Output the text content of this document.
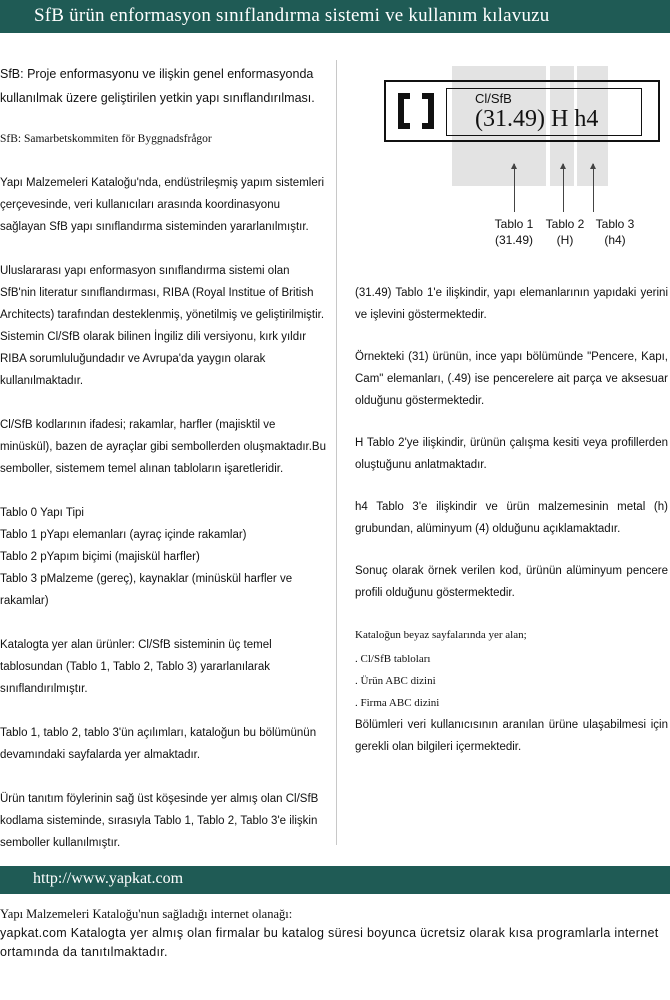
SfB ürün enformasyon sınıflandırma sistemi ve kullanım kılavuzu

SfB: Proje enformasyonu ve ilişkin genel enformasyonda kullanılmak üzere geliştirilen yetkin yapı sınıflandırılması.

SfB: Samarbetskommiten för Byggnadsfrågor

Yapı Malzemeleri Kataloğu'nda, endüstrileşmiş yapım sistemleri çerçevesinde, veri kullanıcıları arasında koordinasyonu sağlayan SfB yapı sınıflandırma sisteminden yararlanılmıştır.

Uluslararası yapı enformasyon sınıflandırma sistemi olan SfB'nin literatur sınıflandırması, RIBA (Royal Institue of British Architects) tarafından desteklenmiş, yönetilmiş ve geliştirilmiştir. Sistemin Cl/SfB olarak bilinen İngiliz dili versiyonu, kırk yıldır RIBA sorumluluğundadır ve Avrupa'da yaygın olarak kullanılmaktadır.

Cl/SfB kodlarının ifadesi; rakamlar, harfler (majisktil ve minüskül), bazen de ayraçlar gibi sembollerden oluşmaktadır.Bu semboller, sistemem temel alınan tabloların işaretleridir.

Tablo 0 Yapı Tipi

Tablo 1 pYapı elemanları (ayraç içinde rakamlar)

Tablo 2 pYapım biçimi (majiskül harfler)

Tablo 3 pMalzeme (gereç), kaynaklar (minüskül harfler ve rakamlar)

Katalogta yer alan ürünler: Cl/SfB sisteminin üç temel tablosundan (Tablo 1, Tablo 2, Tablo 3) yararlanılarak sınıflandırılmıştır.

Tablo 1, tablo 2, tablo 3'ün açılımları, kataloğun bu bölümünün devamındaki sayfalarda yer almaktadır.

Ürün tanıtım föylerinin sağ üst köşesinde yer almış olan Cl/SfB kodlama sisteminde, sırasıyla Tablo 1, Tablo 2, Tablo 3'e ilişkin semboller kullanılmıştır.

Cl/SfB
(31.49) H h4
Tablo 1
(31.49)
Tablo 2
(H)
Tablo 3
(h4)

(31.49) Tablo 1'e ilişkindir, yapı elemanlarının yapıdaki yerini ve işlevini göstermektedir.

Örnekteki (31) ürünün, ince yapı bölümünde "Pencere, Kapı, Cam" elemanları, (.49) ise pencerelere ait parça ve aksesuar olduğunu göstermektedir.

H Tablo 2'ye ilişkindir, ürünün çalışma kesiti veya profillerden oluştuğunu anlatmaktadır.

h4 Tablo 3'e ilişkindir ve ürün malzemesinin metal (h) grubundan, alüminyum (4) olduğunu açıklamaktadır.

Sonuç olarak örnek verilen kod, ürünün alüminyum pencere profili olduğunu göstermektedir.

Kataloğun beyaz sayfalarında yer alan;

. Cl/SfB tabloları

. Ürün ABC dizini

. Firma ABC dizini

Bölümleri veri kullanıcısının aranılan ürüne ulaşabilmesi için gerekli olan bilgileri içermektedir.

http://www.yapkat.com
Yapı Malzemeleri Kataloğu'nun sağladığı internet olanağı:
yapkat.com Katalogta yer almış olan firmalar bu katalog süresi boyunca ücretsiz olarak kısa programlarla internet ortamında da tanıtılmaktadır.
